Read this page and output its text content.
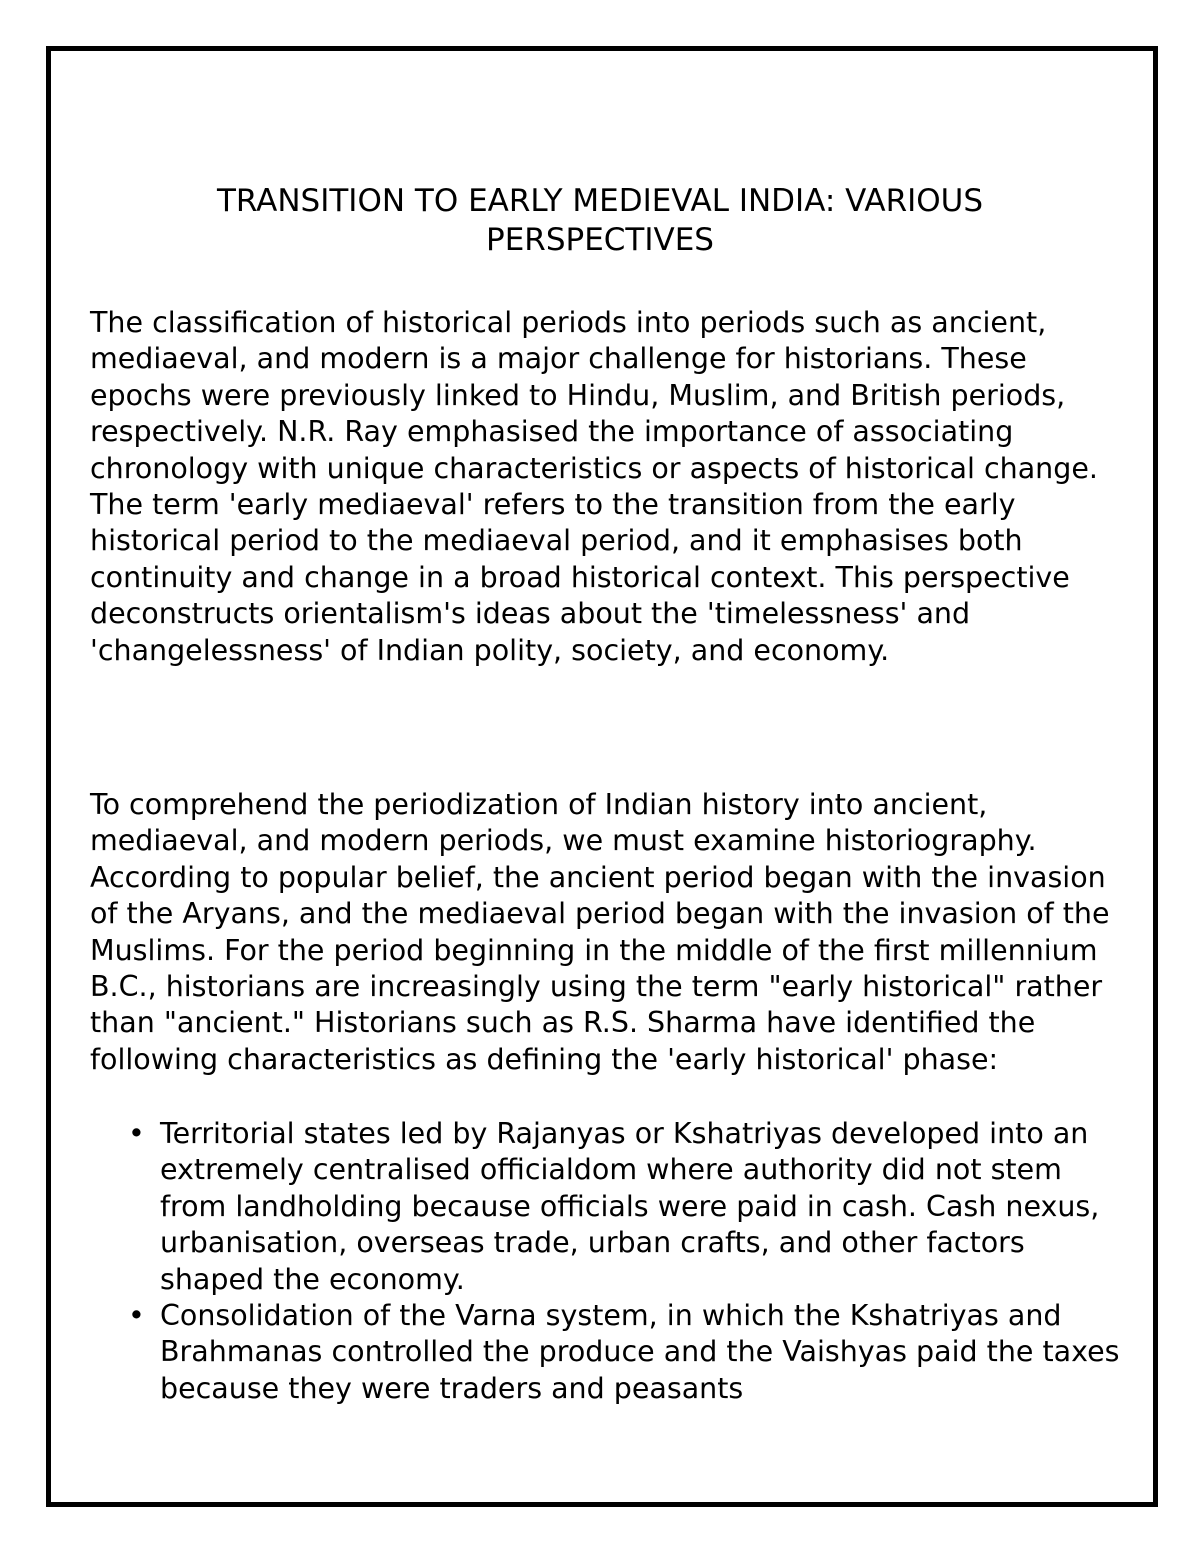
TRANSITION TO EARLY MEDIEVAL INDIA: VARIOUS
PERSPECTIVES

The classification of historical periods into periods such as ancient, mediaeval, and modern is a major challenge for historians. These epochs were previously linked to Hindu, Muslim, and British periods, respectively. N.R. Ray emphasised the importance of associating chronology with unique characteristics or aspects of historical change. The term 'early mediaeval' refers to the transition from the early historical period to the mediaeval period, and it emphasises both continuity and change in a broad historical context. This perspective deconstructs orientalism's ideas about the 'timelessness' and 'changelessness' of Indian polity, society, and economy.

To comprehend the periodization of Indian history into ancient, mediaeval, and modern periods, we must examine historiography. According to popular belief, the ancient period began with the invasion of the Aryans, and the mediaeval period began with the invasion of the Muslims. For the period beginning in the middle of the first millennium B.C., historians are increasingly using the term "early historical" rather than "ancient." Historians such as R.S. Sharma have identified the following characteristics as defining the 'early historical' phase:

• Territorial states led by Rajanyas or Kshatriyas developed into an extremely centralised officialdom where authority did not stem from landholding because officials were paid in cash. Cash nexus, urbanisation, overseas trade, urban crafts, and other factors shaped the economy.
• Consolidation of the Varna system, in which the Kshatriyas and Brahmanas controlled the produce and the Vaishyas paid the taxes because they were traders and peasants
